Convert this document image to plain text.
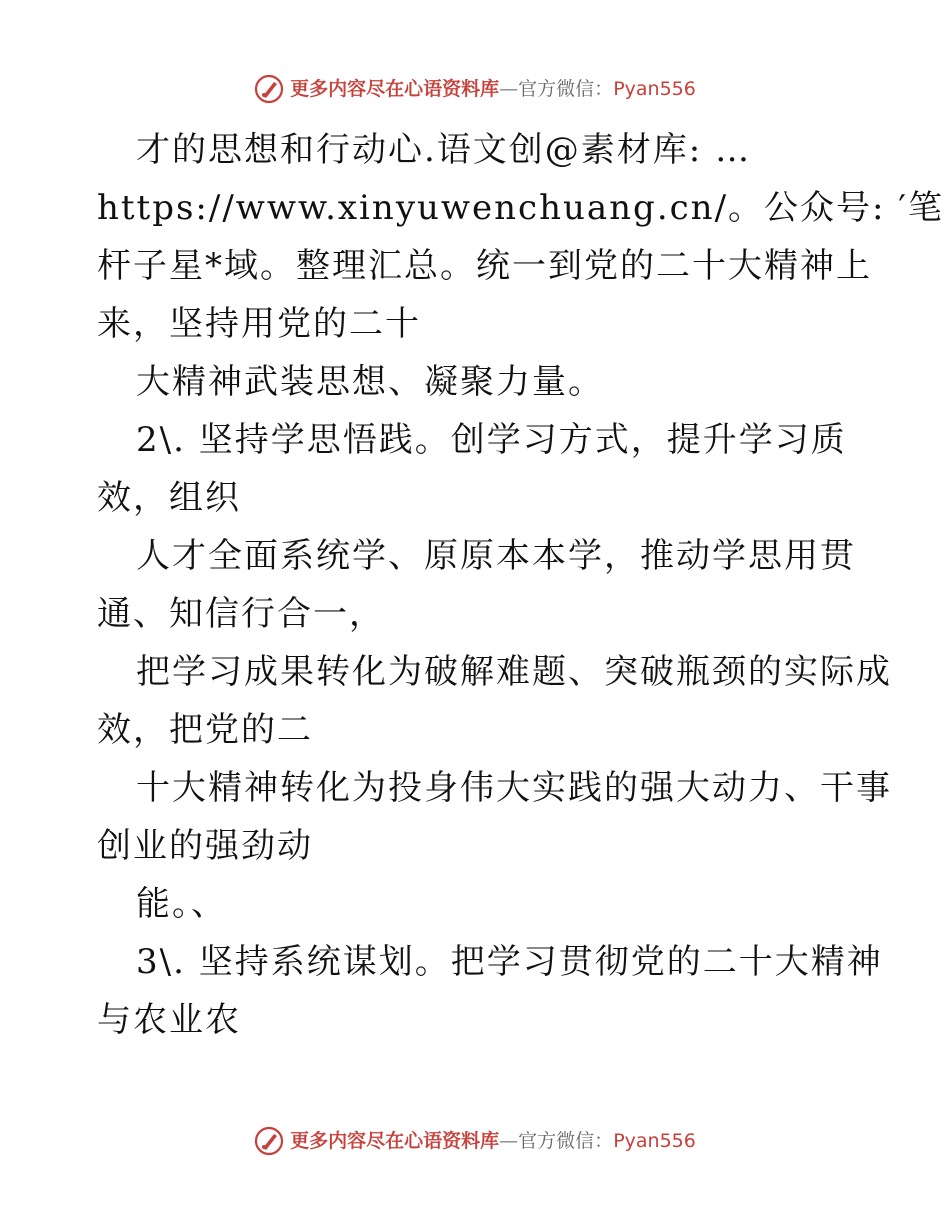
更多内容尽在心语资料库 — 官方微信： Pyan556
才的思想和行动心.语文创@素材库: …
https://www.xinyuwenchuang.cn/。公众号: ′笔
杆子星*域。整理汇总。统一到党的二十大精神上
来，坚持用党的二十
大精神武装思想、凝聚力量。
2\. 坚持学思悟践。创学习方式，提升学习质
效，组织
人才全面系统学、原原本本学，推动学思用贯
通、知信行合一，
把学习成果转化为破解难题、突破瓶颈的实际成
效，把党的二
十大精神转化为投身伟大实践的强大动力、干事
创业的强劲动
能。、
3\. 坚持系统谋划。把学习贯彻党的二十大精神
与农业农
更多内容尽在心语资料库 — 官方微信： Pyan556
